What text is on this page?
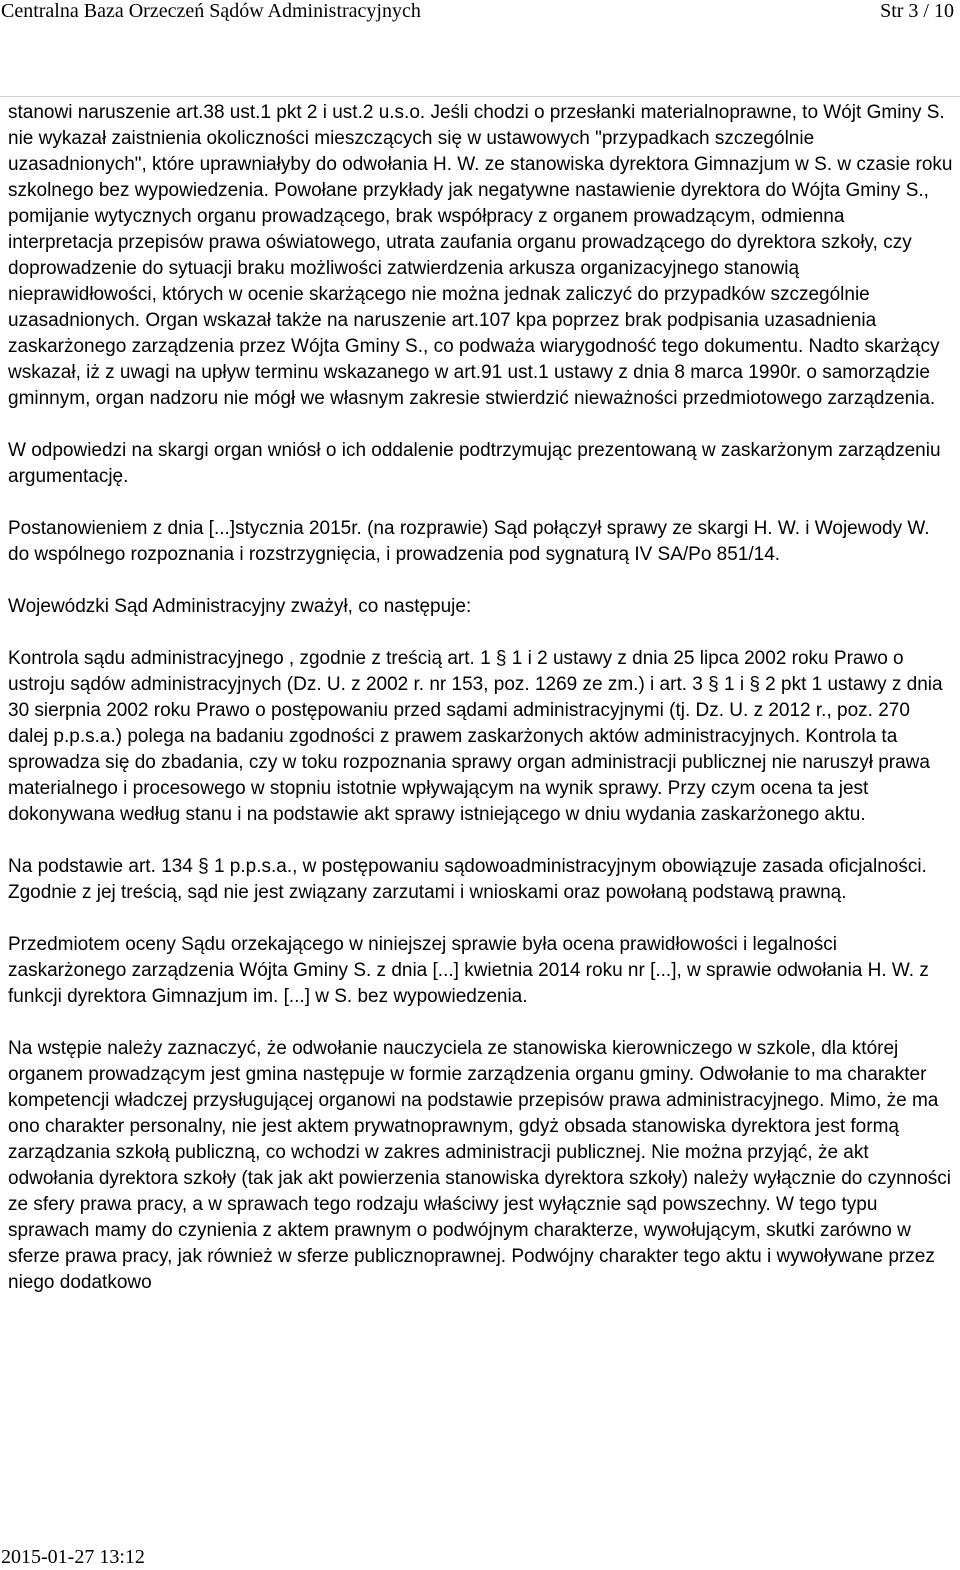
Centralna Baza Orzeczeń Sądów Administracyjnych	Str 3 / 10

stanowi naruszenie art.38 ust.1 pkt 2 i ust.2 u.s.o. Jeśli chodzi o przesłanki materialnoprawne, to Wójt Gminy S. nie wykazał zaistnienia okoliczności mieszczących się w ustawowych "przypadkach szczególnie uzasadnionych", które uprawniałyby do odwołania H. W. ze stanowiska dyrektora Gimnazjum w S. w czasie roku szkolnego bez wypowiedzenia. Powołane przykłady jak negatywne nastawienie dyrektora do Wójta Gminy S., pomijanie wytycznych organu prowadzącego, brak współpracy z organem prowadzącym, odmienna interpretacja przepisów prawa oświatowego, utrata zaufania organu prowadzącego do dyrektora szkoły, czy doprowadzenie do sytuacji braku możliwości zatwierdzenia arkusza organizacyjnego stanowią nieprawidłowości, których w ocenie skarżącego nie można jednak zaliczyć do przypadków szczególnie uzasadnionych. Organ wskazał także na naruszenie art.107 kpa poprzez brak podpisania uzasadnienia zaskarżonego zarządzenia przez Wójta Gminy S., co podważa wiarygodność tego dokumentu. Nadto skarżący wskazał, iż z uwagi na upływ terminu wskazanego w art.91 ust.1 ustawy z dnia 8 marca 1990r. o samorządzie gminnym, organ nadzoru nie mógł we własnym zakresie stwierdzić nieważności przedmiotowego zarządzenia.

W odpowiedzi na skargi organ wniósł o ich oddalenie podtrzymując prezentowaną w zaskarżonym zarządzeniu argumentację.

Postanowieniem z dnia [...]stycznia 2015r. (na rozprawie) Sąd połączył sprawy ze skargi H. W. i Wojewody W. do wspólnego rozpoznania i rozstrzygnięcia, i prowadzenia pod sygnaturą IV SA/Po 851/14.

Wojewódzki Sąd Administracyjny zważył, co następuje:

Kontrola sądu administracyjnego , zgodnie z treścią art. 1 § 1 i 2 ustawy z dnia 25 lipca 2002 roku Prawo o ustroju sądów administracyjnych (Dz. U. z 2002 r. nr 153, poz. 1269 ze zm.) i art. 3 § 1 i § 2 pkt 1 ustawy z dnia 30 sierpnia 2002 roku Prawo o postępowaniu przed sądami administracyjnymi (tj. Dz. U. z 2012 r., poz. 270 dalej p.p.s.a.) polega na badaniu zgodności z prawem zaskarżonych aktów administracyjnych. Kontrola ta sprowadza się do zbadania, czy w toku rozpoznania sprawy organ administracji publicznej nie naruszył prawa materialnego i procesowego w stopniu istotnie wpływającym na wynik sprawy. Przy czym ocena ta jest dokonywana według stanu i na podstawie akt sprawy istniejącego w dniu wydania zaskarżonego aktu.

Na podstawie art. 134 § 1 p.p.s.a., w postępowaniu sądowoadministracyjnym obowiązuje zasada oficjalności. Zgodnie z jej treścią, sąd nie jest związany zarzutami i wnioskami oraz powołaną podstawą prawną.

Przedmiotem oceny Sądu orzekającego w niniejszej sprawie była ocena prawidłowości i legalności zaskarżonego zarządzenia Wójta Gminy S. z dnia [...] kwietnia 2014 roku nr [...], w sprawie odwołania H. W. z funkcji dyrektora Gimnazjum im. [...] w S. bez wypowiedzenia.

Na wstępie należy zaznaczyć, że odwołanie nauczyciela ze stanowiska kierowniczego w szkole, dla której organem prowadzącym jest gmina następuje w formie zarządzenia organu gminy. Odwołanie to ma charakter kompetencji władczej przysługującej organowi na podstawie przepisów prawa administracyjnego. Mimo, że ma ono charakter personalny, nie jest aktem prywatnoprawnym, gdyż obsada stanowiska dyrektora jest formą zarządzania szkołą publiczną, co wchodzi w zakres administracji publicznej. Nie można przyjąć, że akt odwołania dyrektora szkoły (tak jak akt powierzenia stanowiska dyrektora szkoły) należy wyłącznie do czynności ze sfery prawa pracy, a w sprawach tego rodzaju właściwy jest wyłącznie sąd powszechny. W tego typu sprawach mamy do czynienia z aktem prawnym o podwójnym charakterze, wywołującym, skutki zarówno w sferze prawa pracy, jak również w sferze publicznoprawnej. Podwójny charakter tego aktu i wywoływane przez niego dodatkowo

2015-01-27 13:12
